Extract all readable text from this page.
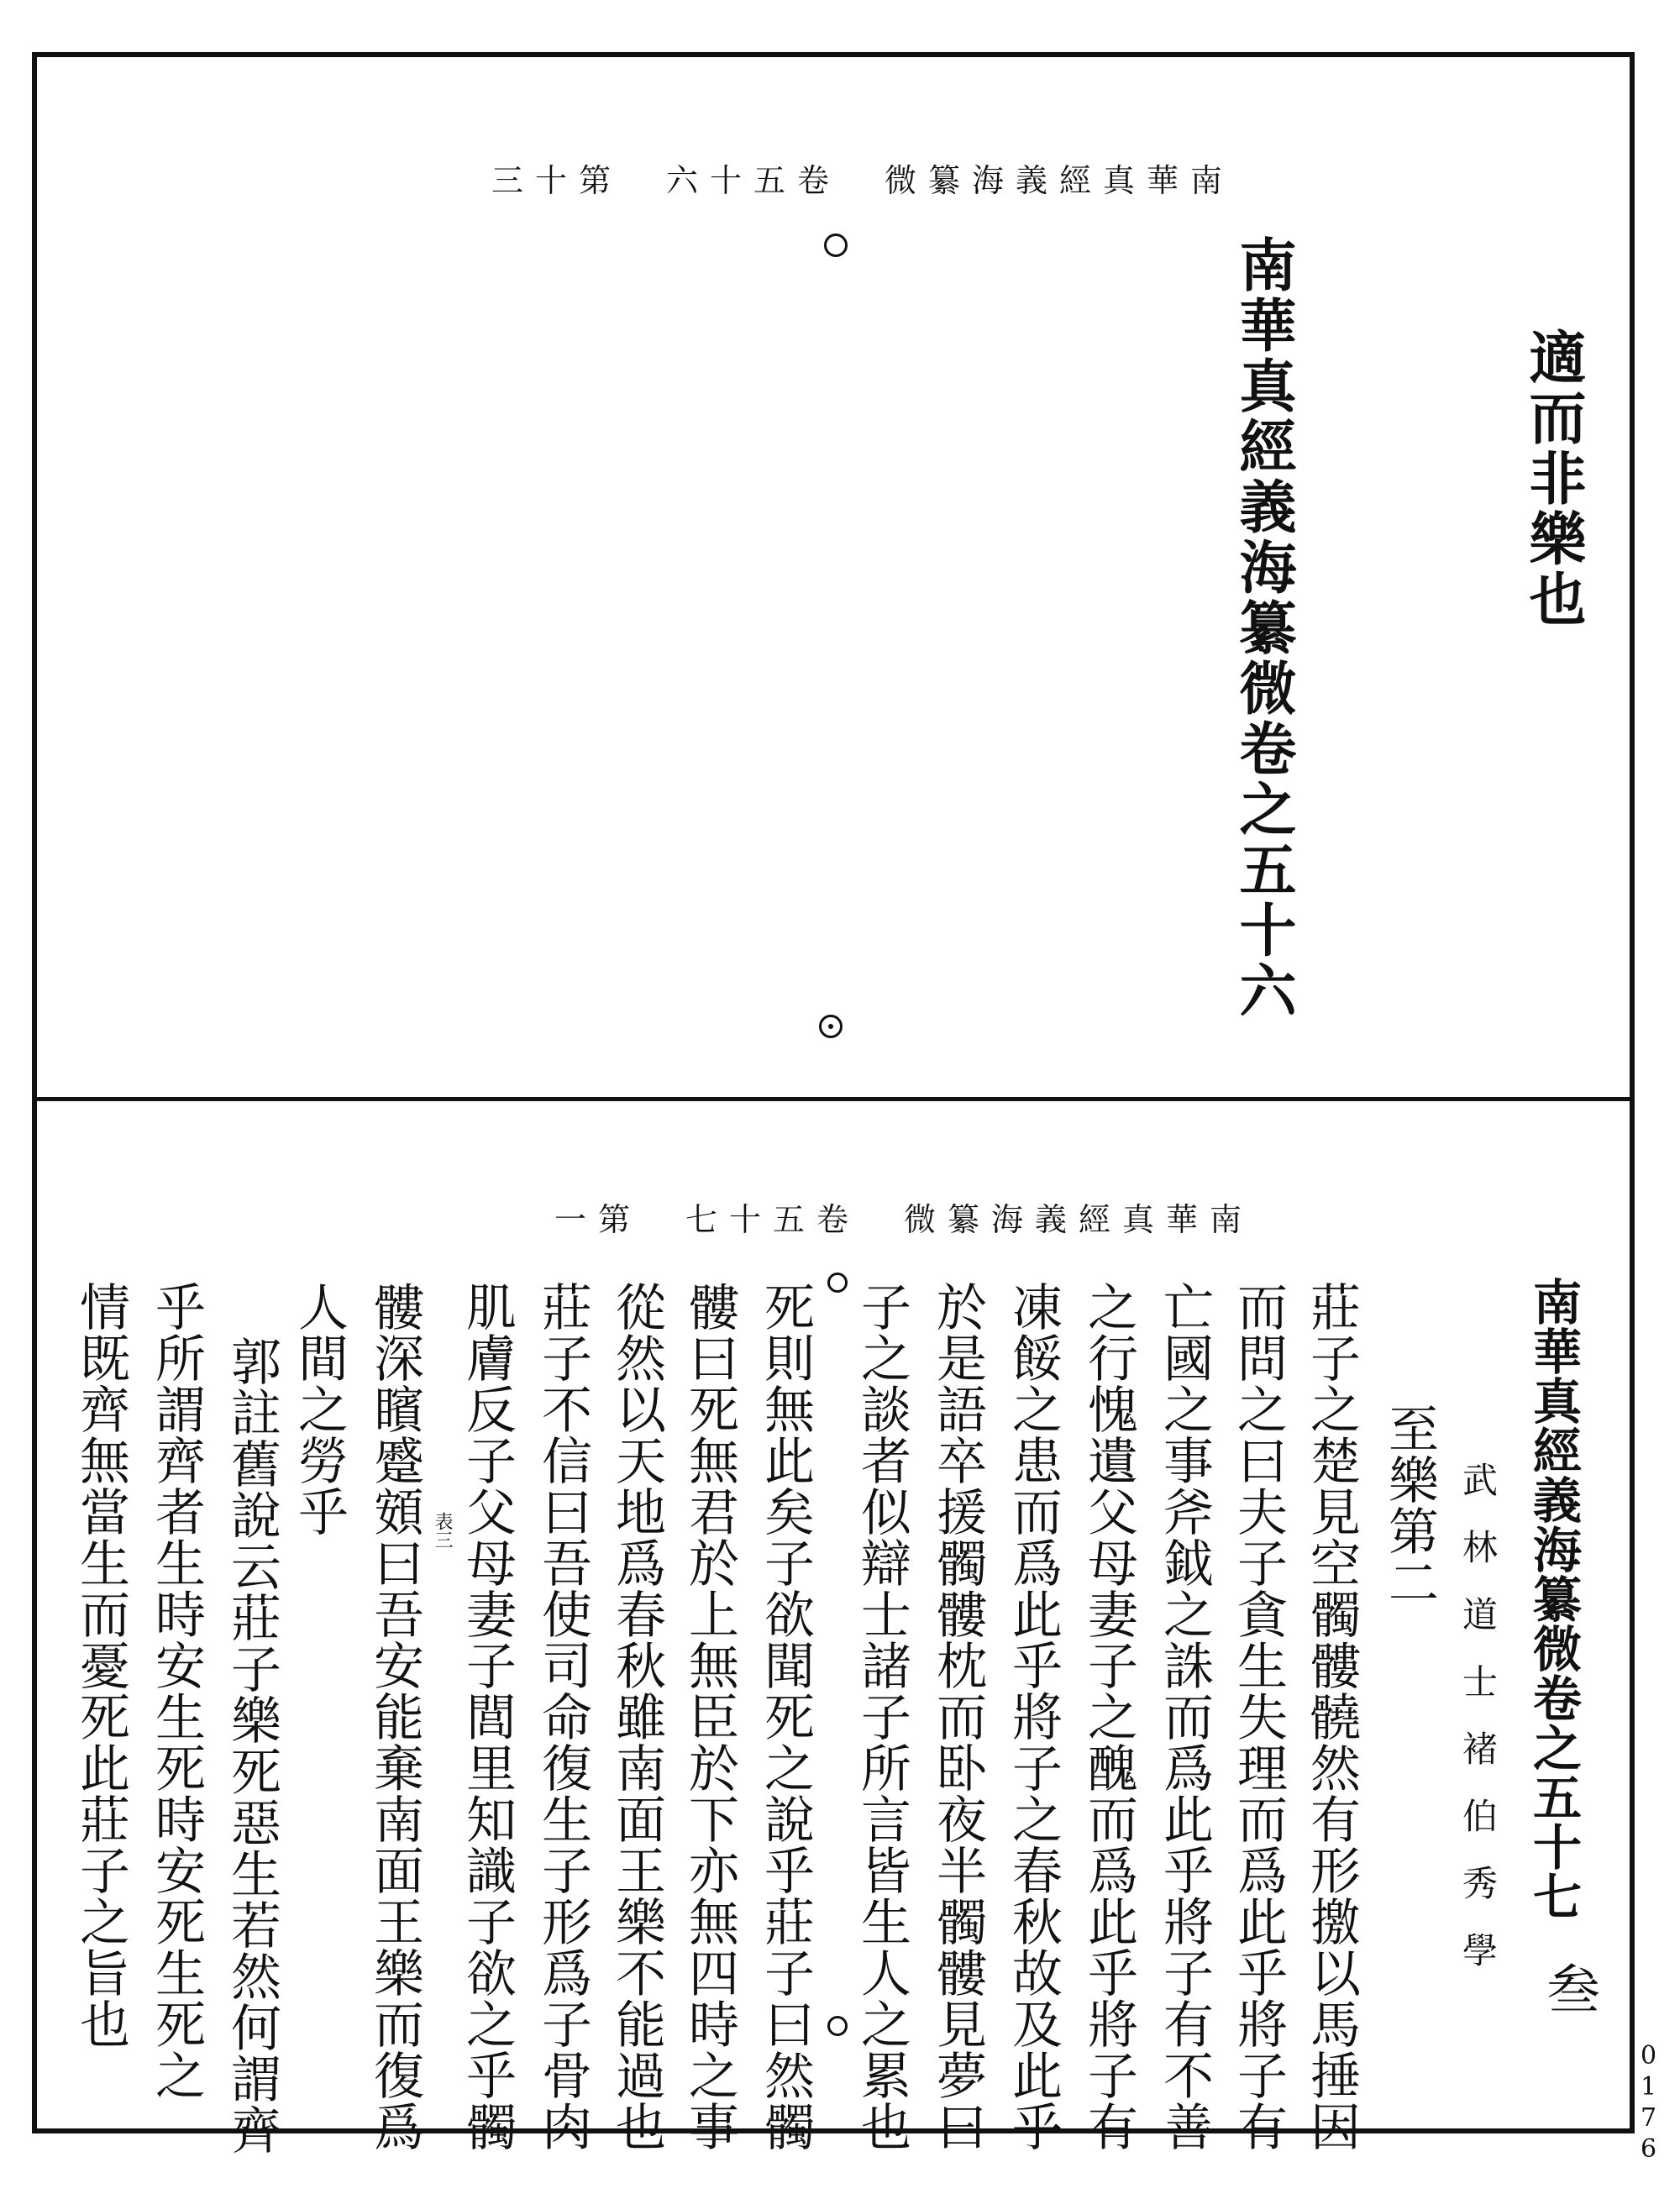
南華真經義海纂微　卷五十六　第十三
南華真經義海纂微卷之五十六	適而非樂也
南華真經義海纂微　卷五十七　第一
南華真經義海纂微卷之五十七
叁
武林道士褚伯秀學
至樂第二
莊子之楚見空髑髏髐然有形撽以馬捶因
而問之曰夫子貪生失理而爲此乎將子有
亡國之事斧鉞之誅而爲此乎將子有不善
之行愧遺父母妻子之醜而爲此乎將子有
凍餒之患而爲此乎將子之春秋故及此乎
於是語卒援髑髏枕而卧夜半髑髏見夢曰
子之談者似辯士諸子所言皆生人之累也
死則無此矣子欲聞死之說乎莊子曰然髑
髏曰死無君於上無臣於下亦無四時之事
從然以天地爲春秋雖南面王樂不能過也
莊子不信曰吾使司命復生子形爲子骨肉
表三 肌膚反子父母妻子閭里知識子欲之乎髑
髏深矉蹙頞曰吾安能棄南面王樂而復爲
人間之勞乎
郭註舊說云莊子樂死惡生若然何謂齊
乎所謂齊者生時安生死時安死生死之
情既齊無當生而憂死此莊子之旨也
0176
